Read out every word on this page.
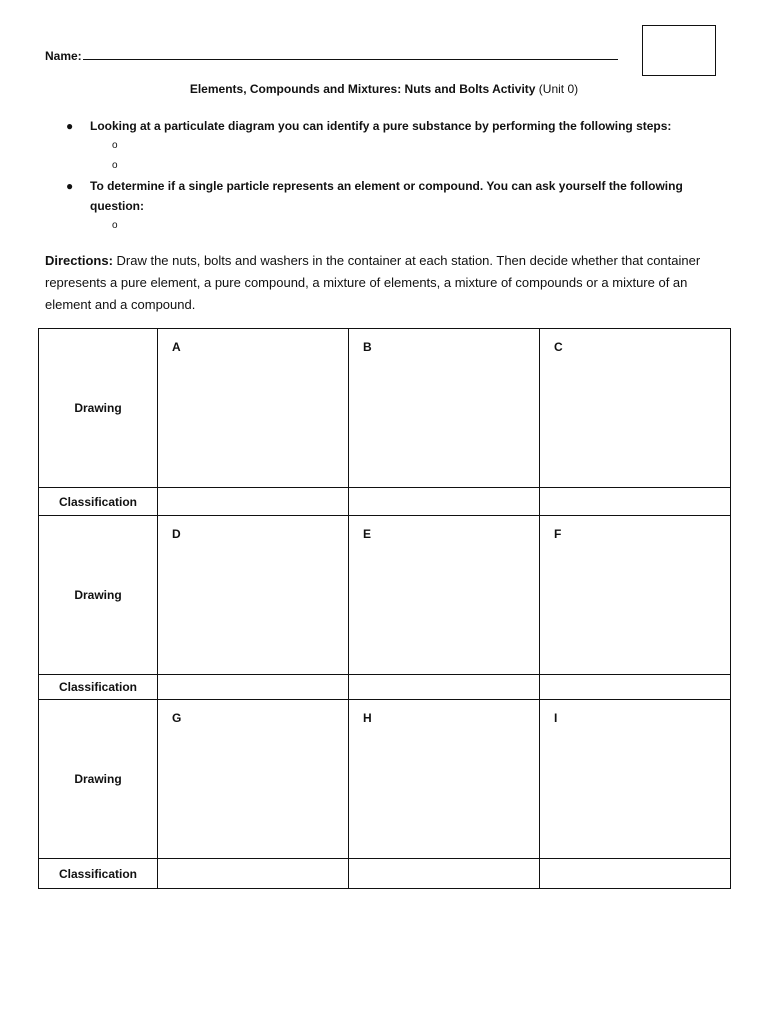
Name:
Elements, Compounds and Mixtures: Nuts and Bolts Activity (Unit 0)
● Looking at a particulate diagram you can identify a pure substance by performing the following steps:
o
o
● To determine if a single particle represents an element or compound. You can ask yourself the following question:
o
Directions: Draw the nuts, bolts and washers in the container at each station. Then decide whether that container represents a pure element, a pure compound, a mixture of elements, a mixture of compounds or a mixture of an element and a compound.
Drawing	A	B	C

Classification			
Drawing	D	E	F

Classification			
Drawing	G	H	I

Classification			
